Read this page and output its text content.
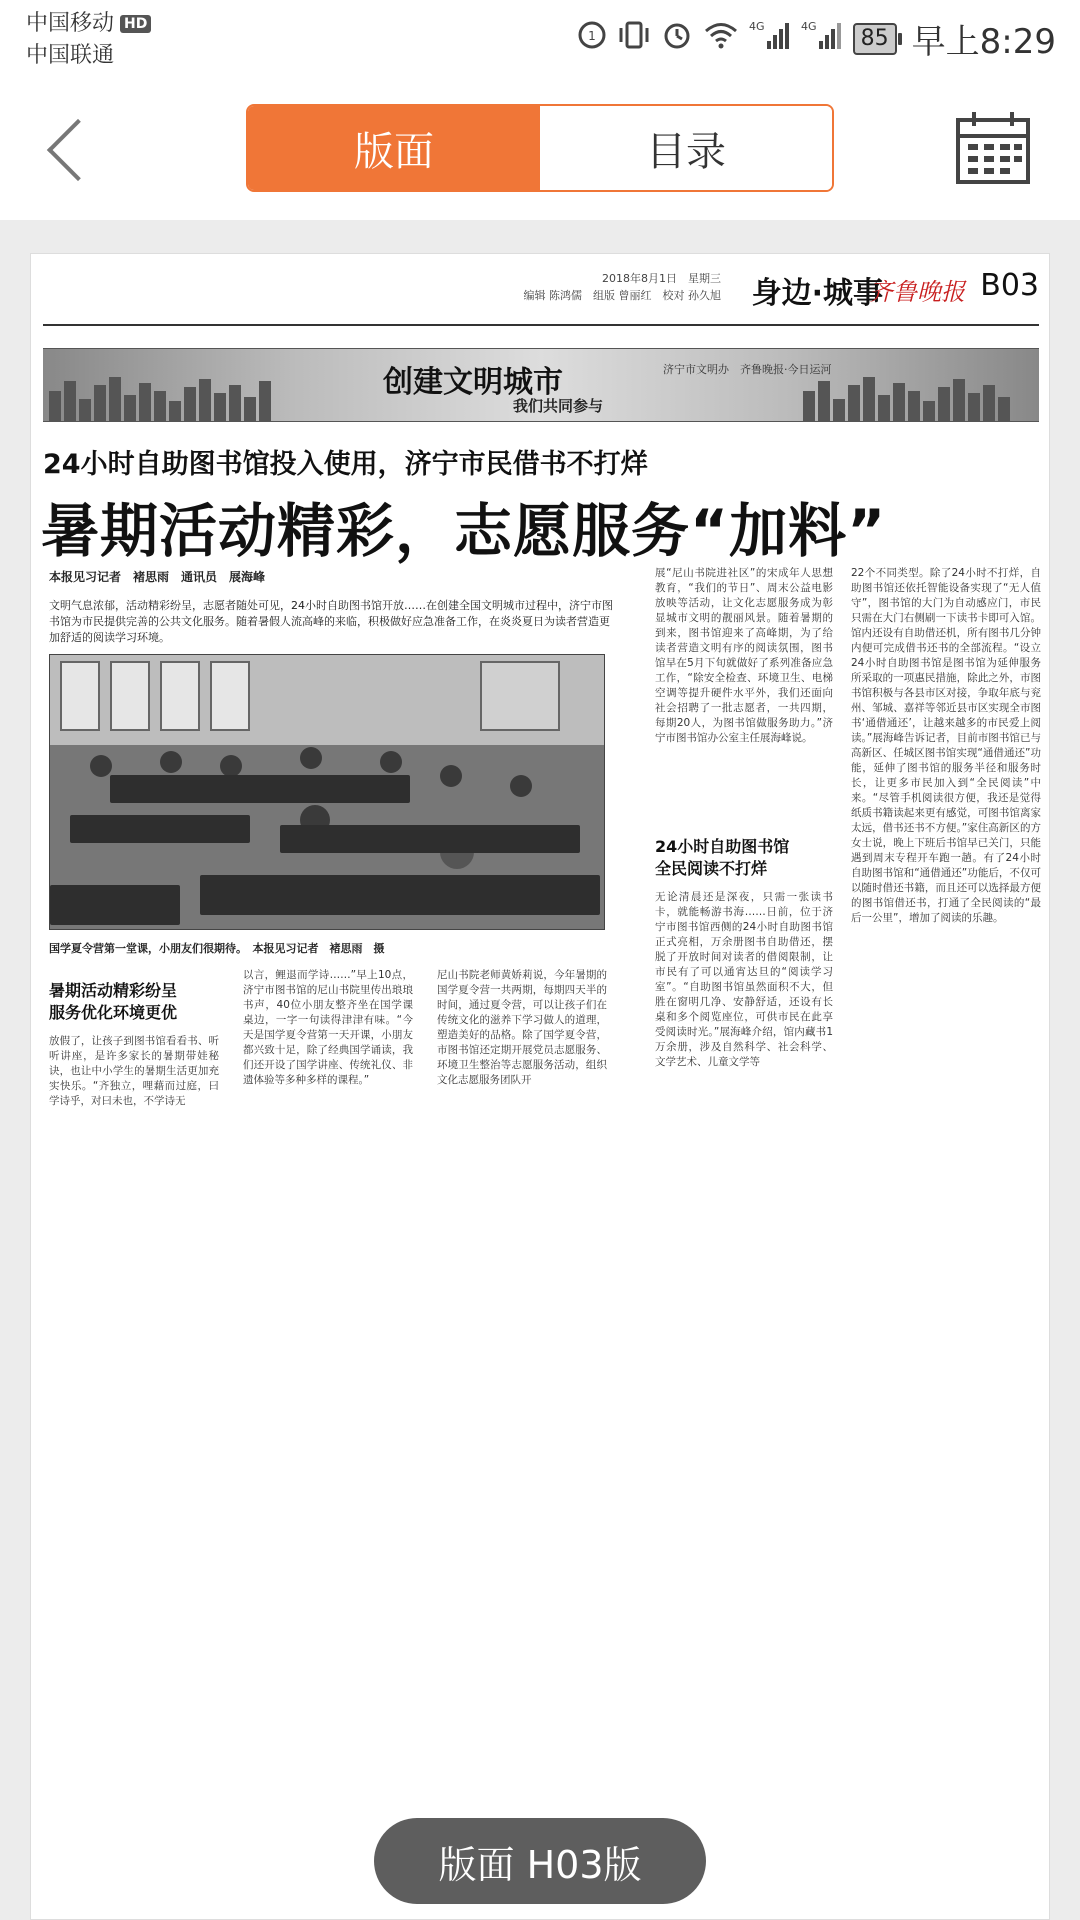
中国移动 HD
中国联通
1
4G	4G	85 早上8:29
版面	目录
2018年8月1日　星期三
编辑 陈鸿儒　组版 曾丽红　校对 孙久旭 身边·城事
齐鲁晚报 B03
创建文明城市
我们共同参与
济宁市文明办　齐鲁晚报·今日运河
24小时自助图书馆投入使用，济宁市民借书不打烊
暑期活动精彩，志愿服务“加料”
本报见习记者　褚思雨　通讯员　展海峰
文明气息浓郁，活动精彩纷呈，志愿者随处可见，24小时自助图书馆开放……在创建全国文明城市过程中，济宁市图书馆为市民提供完善的公共文化服务。随着暑假人流高峰的来临，积极做好应急准备工作，在炎炎夏日为读者营造更加舒适的阅读学习环境。
国学夏令营第一堂课，小朋友们很期待。　本报见习记者　褚思雨　摄
暑期活动精彩纷呈
服务优化环境更优
放假了，让孩子到图书馆看看书、听听讲座，是许多家长的暑期带娃秘诀，也让中小学生的暑期生活更加充实快乐。“齐独立，哩藉而过庭，曰学诗乎，对曰未也，不学诗无
以言，鲤退而学诗……”早上10点，济宁市图书馆的尼山书院里传出琅琅书声，40位小朋友整齐坐在国学课桌边，一字一句读得津津有味。“今天是国学夏令营第一天开课，小朋友都兴致十足，除了经典国学诵读，我们还开设了国学讲座、传统礼仪、非遗体验等多种多样的课程。”
尼山书院老师黄娇莉说，今年暑期的国学夏令营一共两期，每期四天半的时间，通过夏令营，可以让孩子们在传统文化的滋养下学习做人的道理，塑造美好的品格。除了国学夏令营，市图书馆还定期开展党员志愿服务、环境卫生整治等志愿服务活动，组织文化志愿服务团队开
展“尼山书院进社区”的宋成年人思想教育，“我们的节日”、周末公益电影放映等活动，让文化志愿服务成为彰显城市文明的靓丽风景。随着暑期的到来，图书馆迎来了高峰期，为了给读者营造文明有序的阅读氛围，图书馆早在5月下旬就做好了系列准备应急工作，“除安全检查、环境卫生、电梯空调等提升硬件水平外，我们还面向社会招聘了一批志愿者，一共四期，每期20人，为图书馆做服务助力。”济宁市图书馆办公室主任展海峰说。
24小时自助图书馆
全民阅读不打烊
无论清晨还是深夜，只需一张读书卡，就能畅游书海……日前，位于济宁市图书馆西侧的24小时自助图书馆正式亮相，万余册图书自助借还，摆脱了开放时间对读者的借阅限制，让市民有了可以通宵达旦的“阅读学习室”。“自助图书馆虽然面积不大，但胜在窗明几净、安静舒适，还设有长桌和多个阅览座位，可供市民在此享受阅读时光。”展海峰介绍，馆内藏书1万余册，涉及自然科学、社会科学、文学艺术、儿童文学等
22个不同类型。除了24小时不打烊，自助图书馆还依托智能设备实现了“无人值守”，图书馆的大门为自动感应门，市民只需在大门右侧刷一下读书卡即可入馆。馆内还设有自助借还机，所有图书几分钟内便可完成借书还书的全部流程。“设立24小时自助图书馆是图书馆为延伸服务所采取的一项惠民措施，除此之外，市图书馆积极与各县市区对接，争取年底与兖州、邹城、嘉祥等邻近县市区实现全市图书‘通借通还’，让越来越多的市民爱上阅读。”展海峰告诉记者，目前市图书馆已与高新区、任城区图书馆实现“通借通还”功能，延伸了图书馆的服务半径和服务时长，让更多市民加入到“全民阅读”中来。“尽管手机阅读很方便，我还是觉得纸质书籍读起来更有感觉，可图书馆离家太远，借书还书不方便。”家住高新区的方女士说，晚上下班后书馆早已关门，只能遇到周末专程开车跑一趟。有了24小时自助图书馆和“通借通还”功能后，不仅可以随时借还书籍，而且还可以选择最方便的图书馆借还书，打通了全民阅读的“最后一公里”，增加了阅读的乐趣。
版面 H03版
